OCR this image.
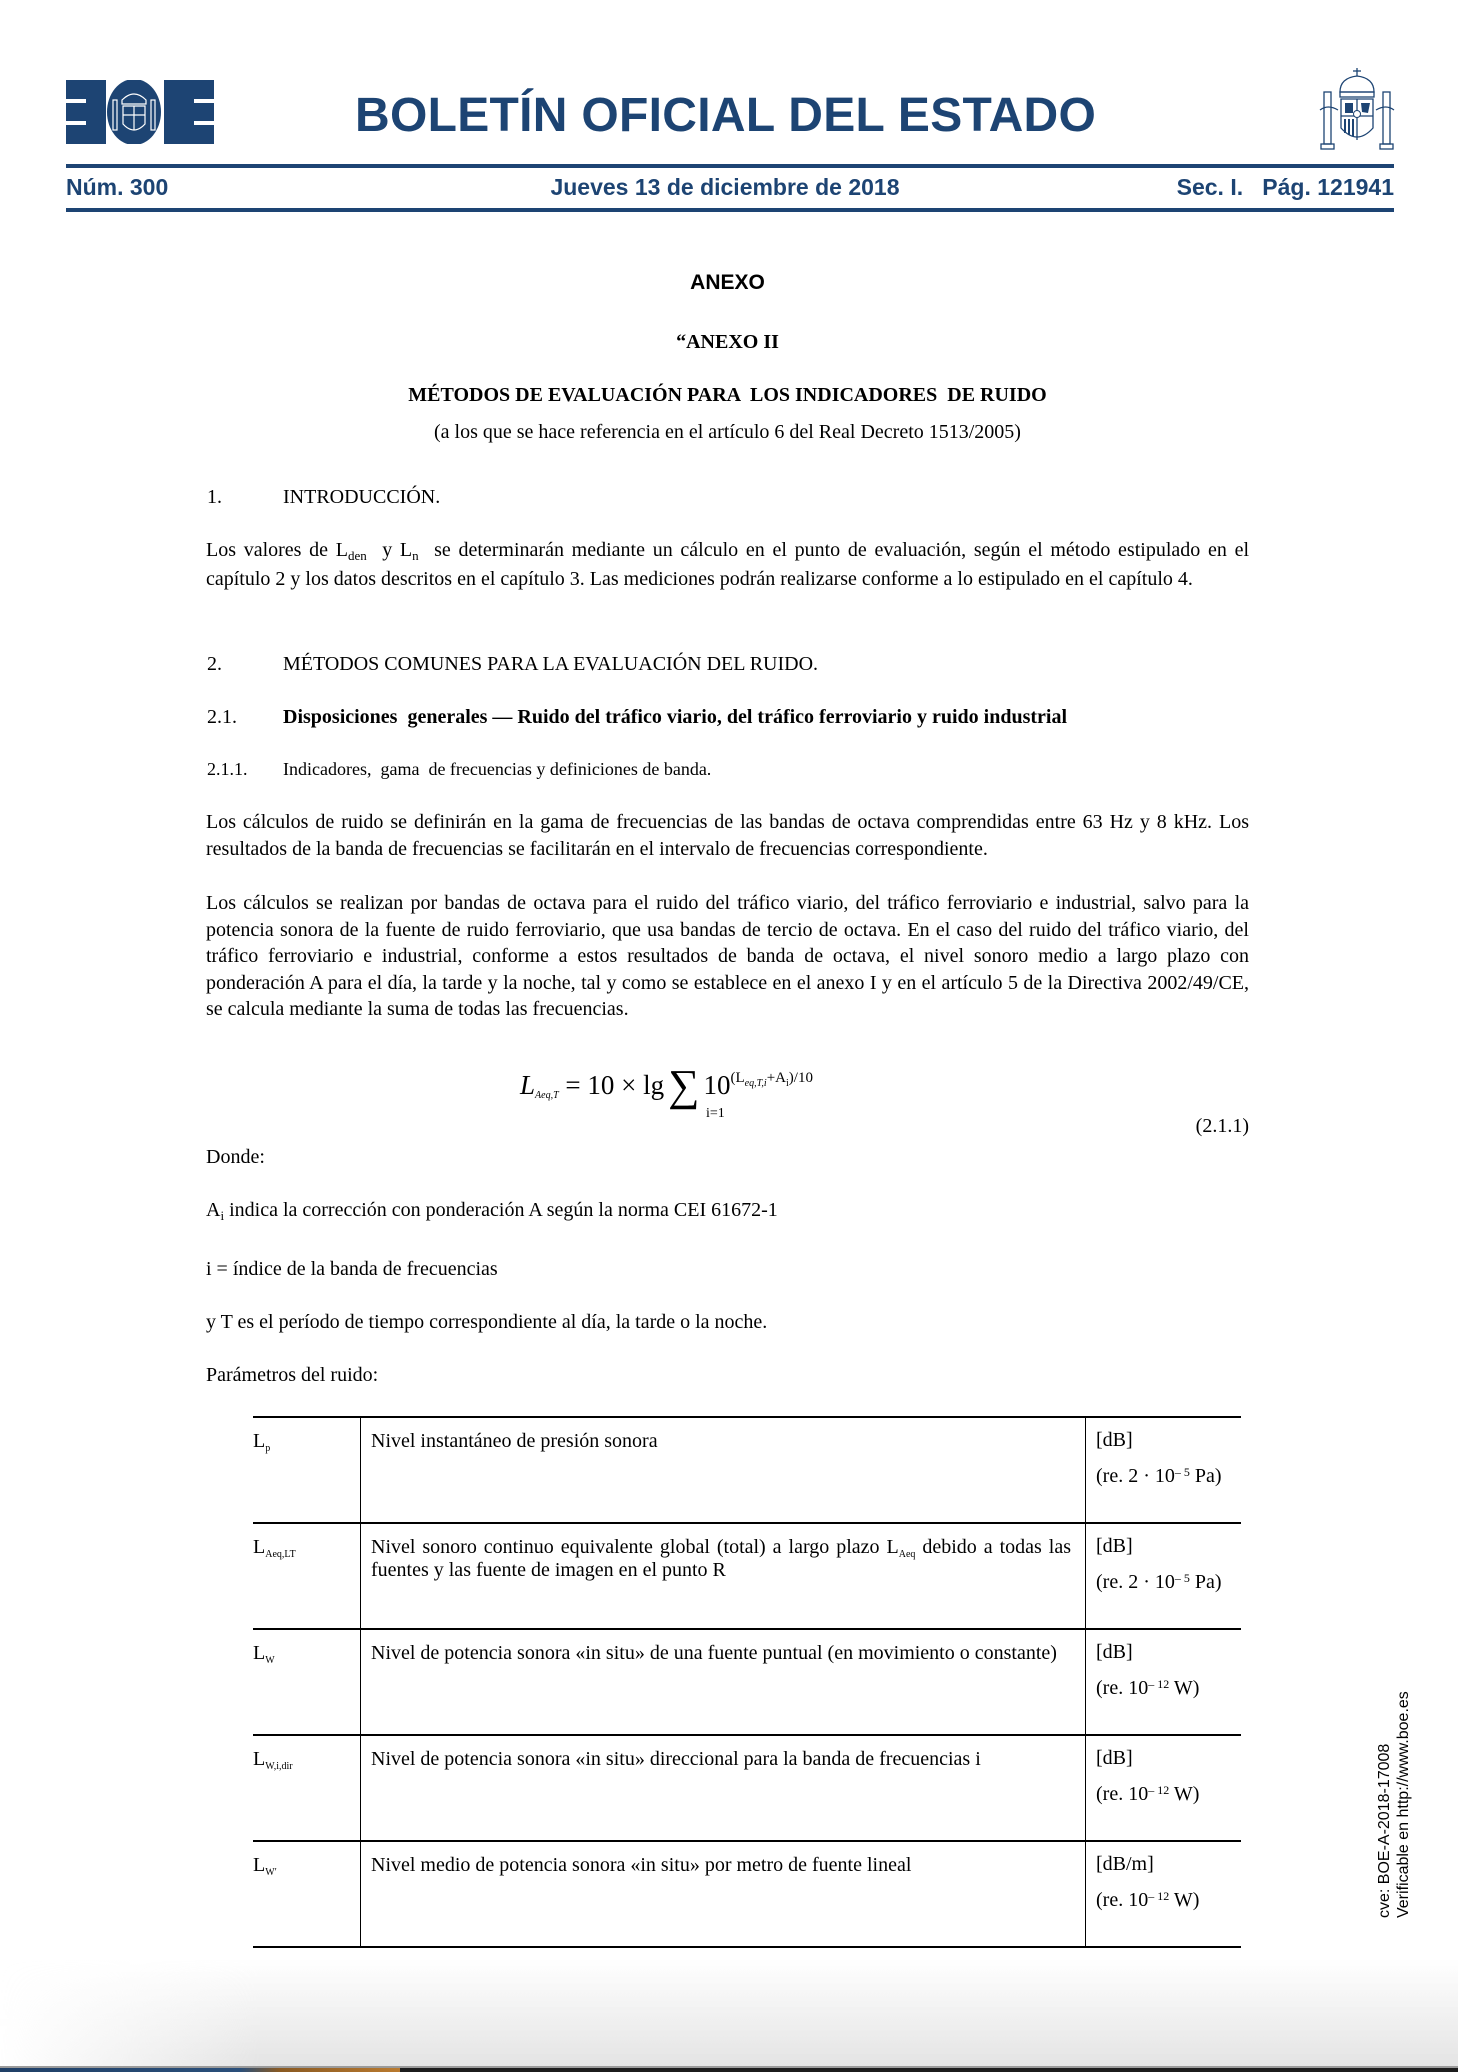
BOLETÍN OFICIAL DEL ESTADO
Núm. 300	Jueves 13 de diciembre de 2018	Sec. I.   Pág. 121941
ANEXO
“ANEXO II
MÉTODOS DE EVALUACIÓN PARA  LOS INDICADORES  DE RUIDO
(a los que se hace referencia en el artículo 6 del Real Decreto 1513/2005)
1.	INTRODUCCIÓN.
Los valores de $L_{den}$  y $L_n$  se determinarán mediante un cálculo en el punto de evaluación, según el método estipulado en el capítulo 2 y los datos descritos en el capítulo 3. Las mediciones podrán realizarse conforme a lo estipulado en el capítulo 4.
2.	MÉTODOS COMUNES PARA LA EVALUACIÓN DEL RUIDO.
2.1. Disposiciones  generales — Ruido del tráfico viario, del tráfico ferroviario y ruido industrial
2.1.1. Indicadores,  gama  de frecuencias y definiciones de banda.
Los cálculos de ruido se definirán en la gama de frecuencias de las bandas de octava comprendidas entre 63 Hz y 8 kHz. Los resultados de la banda de frecuencias se facilitarán en el intervalo de frecuencias correspondiente.
Los cálculos se realizan por bandas de octava para el ruido del tráfico viario, del tráfico ferroviario e industrial, salvo para la potencia sonora de la fuente de ruido ferroviario, que usa bandas de tercio de octava. En el caso del ruido del tráfico viario, del tráfico ferroviario e industrial, conforme a estos resultados de banda de octava, el nivel sonoro medio a largo plazo con ponderación A para el día, la tarde y la noche, tal y como se establece en el anexo I y en el artículo 5 de la Directiva 2002/49/CE, se calcula mediante la suma de todas las frecuencias.
$L_{Aeq,T} = 10 \times \lg\sum$ $10^{(L_{eq,T,i}+A_i)/10}$
i=1
(2.1.1)
Donde:
$A_i$ indica la corrección con ponderación A según la norma CEI 61672-1
i = índice de la banda de frecuencias
y T es el período de tiempo correspondiente al día, la tarde o la noche.
Parámetros del ruido:
$L_p$	Nivel instantáneo de presión sonora	[dB]
(re. $2 \cdot 10^{- 5}$ Pa)

$L_{Aeq,LT}$	Nivel sonoro continuo equivalente global (total) a largo plazo $L_{Aeq}$ debido a todas las fuentes y las fuente de imagen en el punto R	[dB]
(re. $2 \cdot 10^{- 5}$ Pa)

$L_W$	Nivel de potencia sonora «in situ» de una fuente puntual (en movimiento o constante)	[dB]
(re. $10^{- 12}$ W)

$L_{W,i,dir}$	Nivel de potencia sonora «in situ» direccional para la banda de frecuencias i	[dB]
(re. $10^{- 12}$ W)

$L_{W'}$	Nivel medio de potencia sonora «in situ» por metro de fuente lineal	[dB/m]
(re. $10^{- 12}$ W)	cve: BOE-A-2018-17008 Verificable en http://www.boe.es
